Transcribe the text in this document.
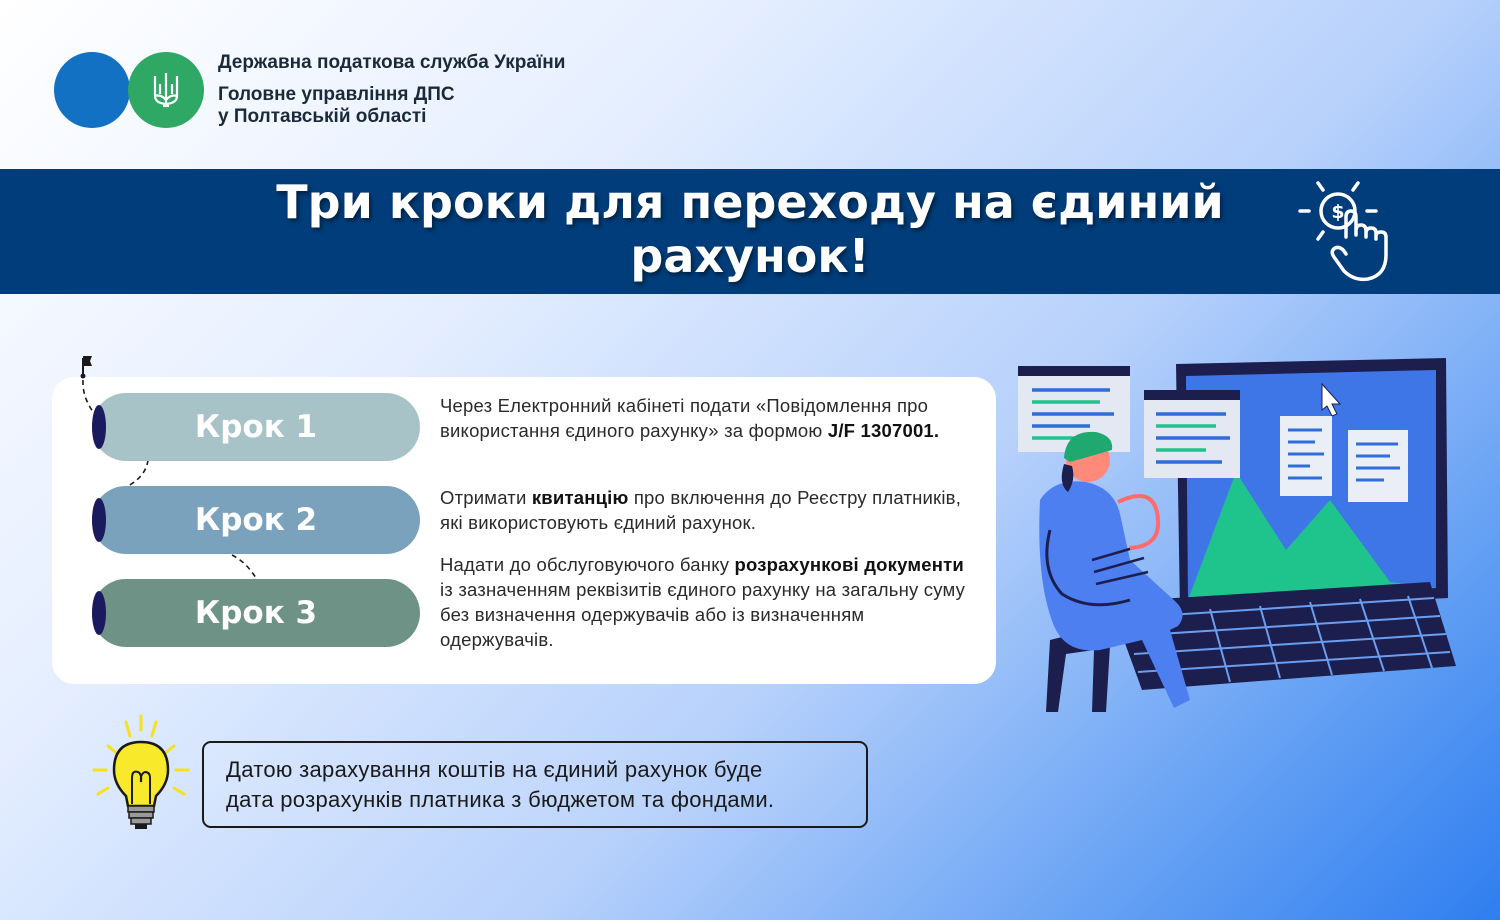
Державна податкова служба України
Головне управління ДПС
у Полтавській області
Три кроки для переходу на єдиний
рахунок!
$
Крок 1
Крок 2
Крок 3
Через Електронний кабінеті подати «Повідомлення про використання єдиного рахунку» за формою J/F 1307001.
Отримати квитанцію про включення до Реєстру платників, які використовують єдиний рахунок.
Надати до обслуговуючого банку розрахункові документи із зазначенням реквізитів єдиного рахунку на загальну суму без визначення одержувачів або із визначенням одержувачів.
Датою зарахування коштів на єдиний рахунок буде
дата розрахунків платника з бюджетом та фондами.
